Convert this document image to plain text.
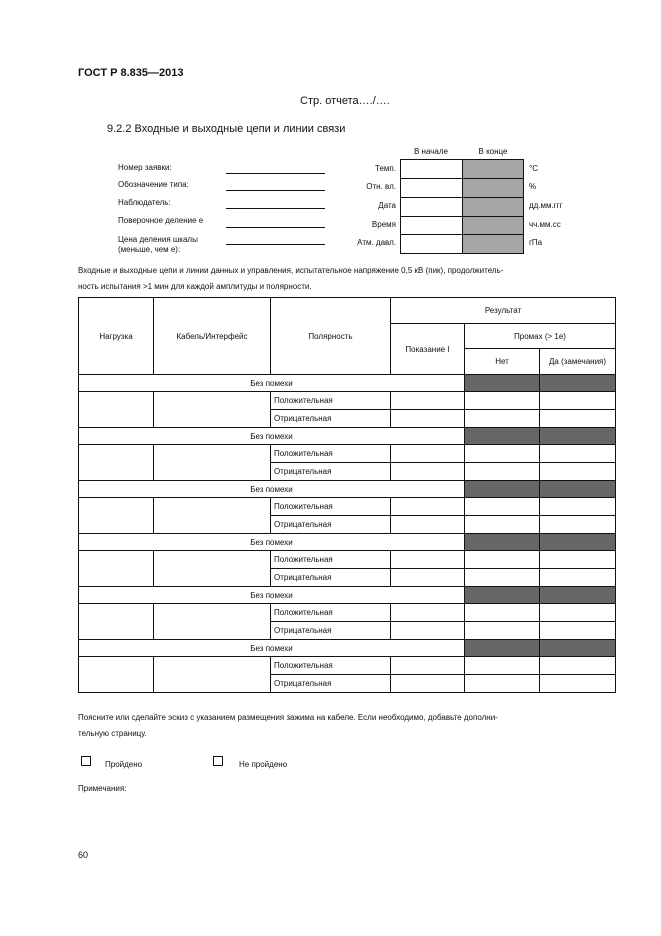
ГОСТ Р 8.835—2013
Стр. отчета…./….
9.2.2 Входные и выходные цепи и линии связи
Номер заявки:
Обозначение типа:
Наблюдатель:
Поверочное деление e
Цена деления шкалы
(меньше, чем e):
В начале	В конце
Темп.	°C
Отн. вл.	%
Дата	дд.мм.ггг
Время	чч.мм.сс
Атм. давл.	гПа
Входные и выходные цепи и линии данных и управления, испытательное напряжение 0,5 кВ (пик), продолжитель-
ность испытания >1 мин для каждой амплитуды и полярности.
Нагрузка	Кабель/Интерфейс	Полярность	Результат		
			Показание I	Промах (> 1e)	
				Нет	Да (замечания)
Без помехи					
		Положительная			
		Отрицательная			
Без помехи					
		Положительная			
		Отрицательная			
Без помехи					
		Положительная			
		Отрицательная			
Без помехи					
		Положительная			
		Отрицательная			
Без помехи					
		Положительная			
		Отрицательная			
Без помехи					
		Положительная			
		Отрицательная			
Поясните или сделайте эскиз с указанием размещения зажима на кабеле. Если необходимо, добавьте дополни-
тельную страницу.
Пройдено	Не пройдено
Примечания:
60
